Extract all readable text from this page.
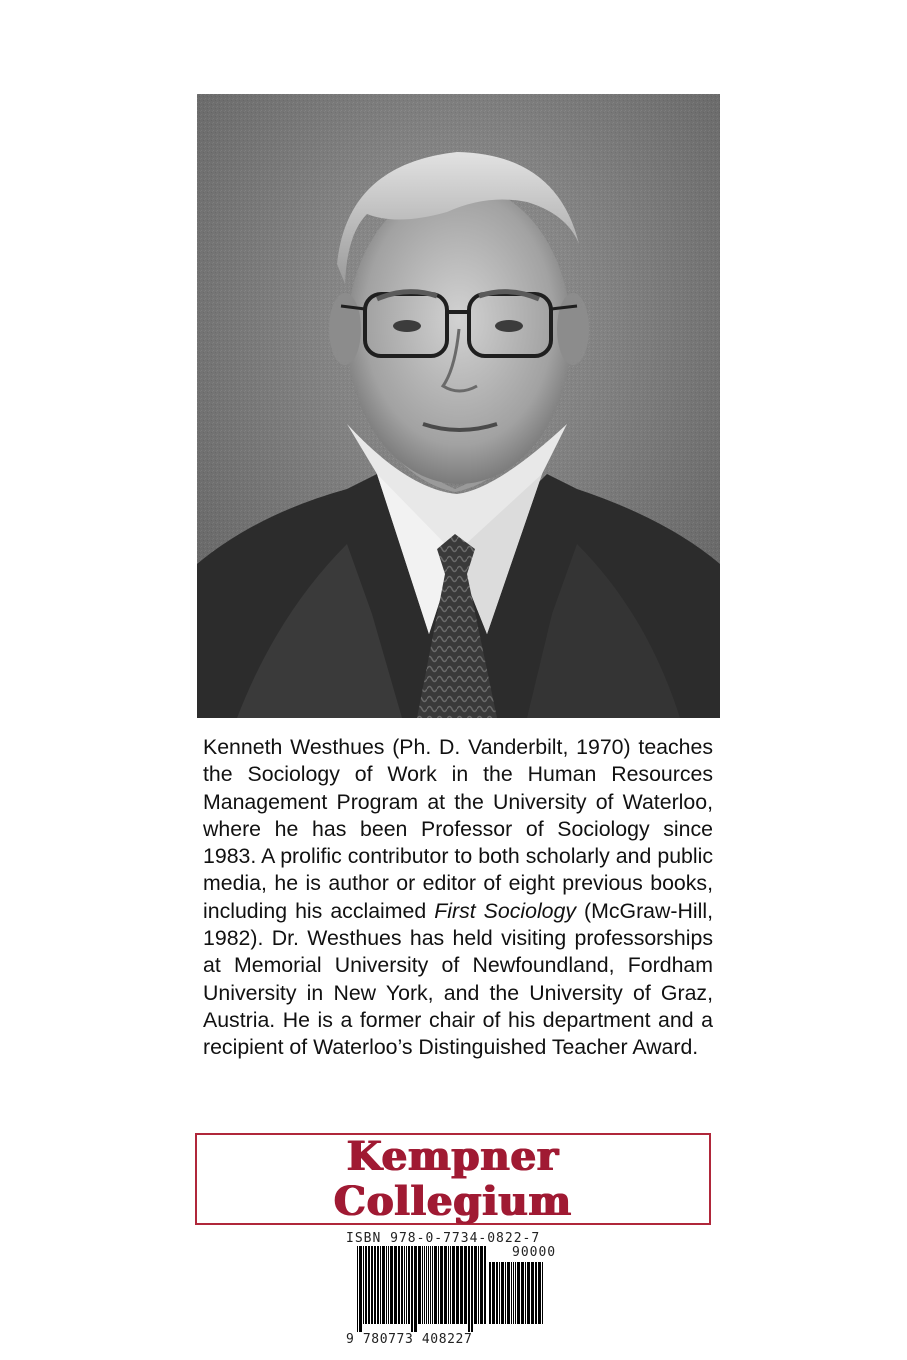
Kenneth Westhues (Ph. D. Vanderbilt, 1970) teaches the Sociology of Work in the Human Resources Management Program at the University of Waterloo, where he has been Professor of Sociology since 1983. A prolific contributor to both scholarly and public media, he is author or editor of eight previous books, including his acclaimed First Sociology (McGraw-Hill, 1982). Dr. Westhues has held visiting professorships at Memorial University of Newfoundland, Fordham University in New York, and the University of Graz, Austria. He is a former chair of his department and a recipient of Waterloo’s Distinguished Teacher Award.
Kempner
Collegium
ISBN 978-0-7734-0822-7
90000
9 780773 408227
